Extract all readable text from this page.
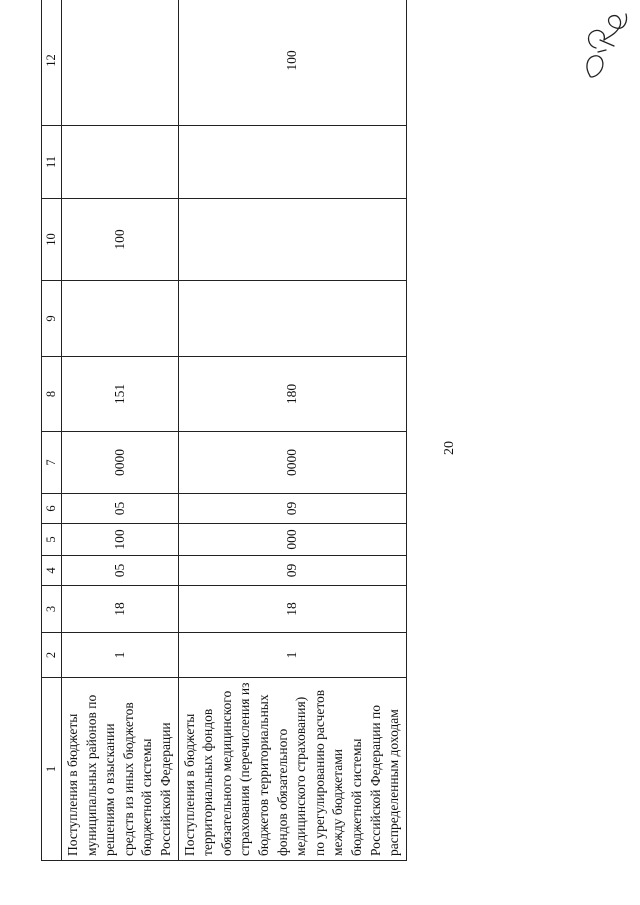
20
1	2	3	4	5	6	7	8	9	10	11	12
Поступления в бюджеты муниципальных районов по решениям о взыскании средств из иных бюджетов бюджетной системы Российской Федерации	1	18	05	100	05	0000	151		100		
Поступления в бюджеты территориальных фондов обязательного медицинского страхования (перечисления из бюджетов территориальных фондов обязательного медицинского страхования) по урегулированию расчетов между бюджетами бюджетной системы Российской Федерации по распределенным доходам	1	18	09	000	09	0000	180				100
